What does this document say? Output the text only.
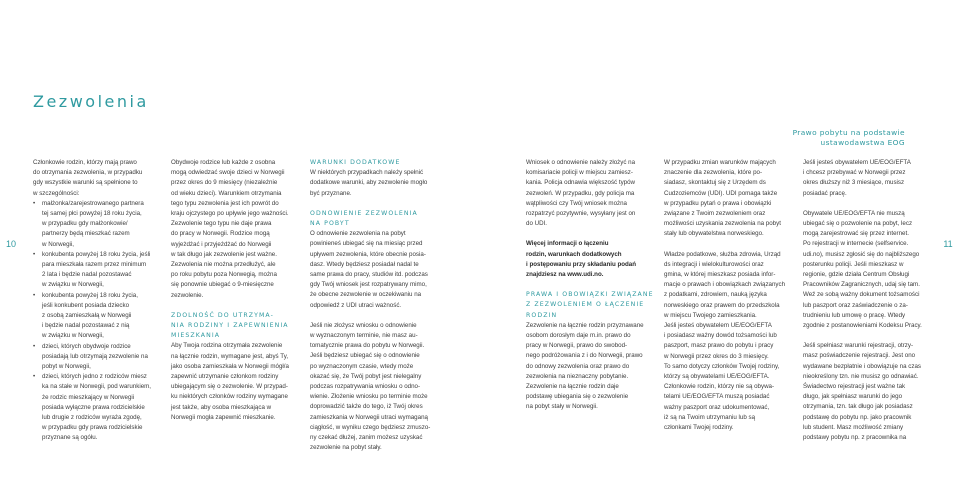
Zezwolenia
Prawo pobytu na podstawie
ustawodawstwa EOG
10	11

Członkowie rodzin, którzy mają prawo

do otrzymania zezwolenia, w przypadku

gdy wszystkie warunki są spełnione to

w szczególności:

• małżonka/zarejestrowanego partnera

tej samej płci powyżej 18 roku życia,

w przypadku gdy małżonkowie/

partnerzy będą mieszkać razem

w Norwegii,

• konkubenta powyżej 18 roku życia, jeśli

para mieszkała razem przez minimum

2 lata i będzie nadal pozostawać

w związku w Norwegii,

• konkubenta powyżej 18 roku życia,

jeśli konkubent posiada dziecko

z osobą zamieszkałą w Norwegii

i będzie nadal pozostawać z nią

w związku w Norwegii,

• dzieci, których obydwoje rodzice

posiadają lub otrzymają zezwolenie na

pobyt w Norwegii,

• dzieci, których jedno z rodziców miesz

ka na stałe w Norwegii, pod warunkiem,

że rodzic mieszkający w Norwegii

posiada wyłączne prawa rodzicielskie

lub drugie z rodziców wyraża zgodę,

w przypadku gdy prawa rodzicielskie

przyznane są ogółu.

Obydwoje rodzice lub każde z osobna

mogą odwiedzać swoje dzieci w Norwegii

przez okres do 9 miesięcy (niezależnie

od wieku dzieci). Warunkiem otrzymania

tego typu zezwolenia jest ich powrót do

kraju ojczystego po upływie jego ważności.

Zezwolenie tego typu nie daje prawa

do pracy w Norwegii. Rodzice mogą

wyjeżdżać i przyjeżdżać do Norwegii

w tak długo jak zezwolenie jest ważne.

Zezwolenia nie można przedłużyć, ale

po roku pobytu poza Norwegią, można

się ponownie ubiegać o 9-miesięczne

zezwolenie.

ZDOLNOŚĆ DO UTRZYMA-

NIA RODZINY I ZAPEWNIENIA

MIESZKANIA

Aby Twoja rodzina otrzymała zezwolenie

na łącznie rodzin, wymagane jest, abyś Ty,

jako osoba zamieszkała w Norwegii mógł/a

zapewnić utrzymanie członkom rodziny

ubiegającym się o zezwolenie. W przypad-

ku niektórych członków rodziny wymagane

jest także, aby osoba mieszkająca w

Norwegii mogła zapewnić mieszkanie.

WARUNKI DODATKOWE

W niektórych przypadkach należy spełnić

dodatkowe warunki, aby zezwolenie mogło

być przyznane.

ODNOWIENIE ZEZWOLENIA

NA POBYT

O odnowienie zezwolenia na pobyt

powinieneś ubiegać się na miesiąc przed

upływem zezwolenia, które obecnie posia-

dasz. Wtedy będziesz posiadał nadal te

same prawa do pracy, studiów itd. podczas

gdy Twój wniosek jest rozpatrywany mimo,

że obecne zezwolenie w oczekiwaniu na

odpowiedź z UDI utraci ważność.

Jeśli nie złożysz wniosku o odnowienie

w wyznaczonym terminie, nie masz au-

tomatycznie prawa do pobytu w Norwegii.

Jeśli będziesz ubiegać się o odnowienie

po wyznaczonym czasie, wtedy może

okazać się, że Twój pobyt jest nielegalny

podczas rozpatrywania wniosku o odno-

wienie. Złożenie wniosku po terminie może

doprowadzić także do tego, iż Twój okres

zamieszkania w Norwegii utraci wymaganą

ciągłość, w wyniku czego będziesz zmuszo-

ny czekać dłużej, zanim możesz uzyskać

zezwolenie na pobyt stały.

Wniosek o odnowienie należy złożyć na

komisariacie policji w miejscu zamiesz-

kania. Policja odnawia większość typów

zezwoleń. W przypadku, gdy policja ma

wątpliwości czy Twój wniosek można

rozpatrzyć pozytywnie, wysyłany jest on

do UDI.

Więcej informacji o łączeniu

rodzin, warunkach dodatkowych

i postępowaniu przy składaniu podań

znajdziesz na www.udi.no.

PRAWA I OBOWIĄZKI ZWIĄZANE

Z ZEZWOLENIEM O ŁĄCZENIE

RODZIN

Zezwolenie na łącznie rodzin przyznawane

osobom dorosłym daje m.in. prawo do

pracy w Norwegii, prawo do swobod-

nego podróżowania z i do Norwegii, prawo

do odnowy zezwolenia oraz prawo do

zezwolenia na nieznaczny pobytanie.

Zezwolenie na łącznie rodzin daje

podstawę ubiegania się o zezwolenie

na pobyt stały w Norwegii.

W przypadku zmian warunków mających

znaczenie dla zezwolenia, które po-

siadasz, skontaktuj się z Urzędem ds

Cudzoziemców (UDI). UDI pomaga także

w przypadku pytań o prawa i obowiązki

związane z Twoim zezwoleniem oraz

możliwości uzyskania zezwolenia na pobyt

stały lub obywatelstwa norweskiego.

Władze podatkowe, służba zdrowia, Urząd

ds integracji i wielokulturowości oraz

gmina, w której mieszkasz posiada infor-

macje o prawach i obowiązkach związanych

z podatkami, zdrowiem, nauką języka

norweskiego oraz prawem do przedszkola

w miejscu Twojego zamieszkania.

Jeśli jesteś obywatelem UE/EOG/EFTA

i posiadasz ważny dowód tożsamości lub

paszport, masz prawo do pobytu i pracy

w Norwegii przez okres do 3 miesięcy.

To samo dotyczy członków Twojej rodziny,

którzy są obywatelami UE/EOG/EFTA.

Członkowie rodzin, którzy nie są obywa-

telami UE/EOG/EFTA muszą posiadać

ważny paszport oraz udokumentować,

iż są na Twoim utrzymaniu lub są

członkami Twojej rodziny.

Jeśli jesteś obywatelem UE/EOG/EFTA

i chcesz przebywać w Norwegii przez

okres dłuższy niż 3 miesiące, musisz

posiadać pracę.

Obywatele UE/EOG/EFTA nie muszą

ubiegać się o pozwolenie na pobyt, lecz

mogą zarejestrować się przez internet.

Po rejestracji w internecie (selfservice.

udi.no), musisz zgłosić się do najbliższego

posterunku policji. Jeśli mieszkasz w

regionie, gdzie działa Centrum Obsługi

Pracowników Zagranicznych, udaj się tam.

Weź ze sobą ważny dokument tożsamości

lub paszport oraz zaświadczenie o za-

trudnieniu lub umowę o pracę. Wtedy

zgodnie z postanowieniami Kodeksu Pracy.

Jeśli spełniasz warunki rejestracji, otrzy-

masz poświadczenie rejestracji. Jest ono

wydawane bezpłatnie i obowiązuje na czas

nieokreślony tzn. nie musisz go odnawiać.

Świadectwo rejestracji jest ważne tak

długo, jak spełniasz warunki do jego

otrzymania, tzn. tak długo jak posiadasz

podstawę do pobytu np. jako pracownik

lub student. Masz możliwość zmiany

podstawy pobytu np. z pracownika na
